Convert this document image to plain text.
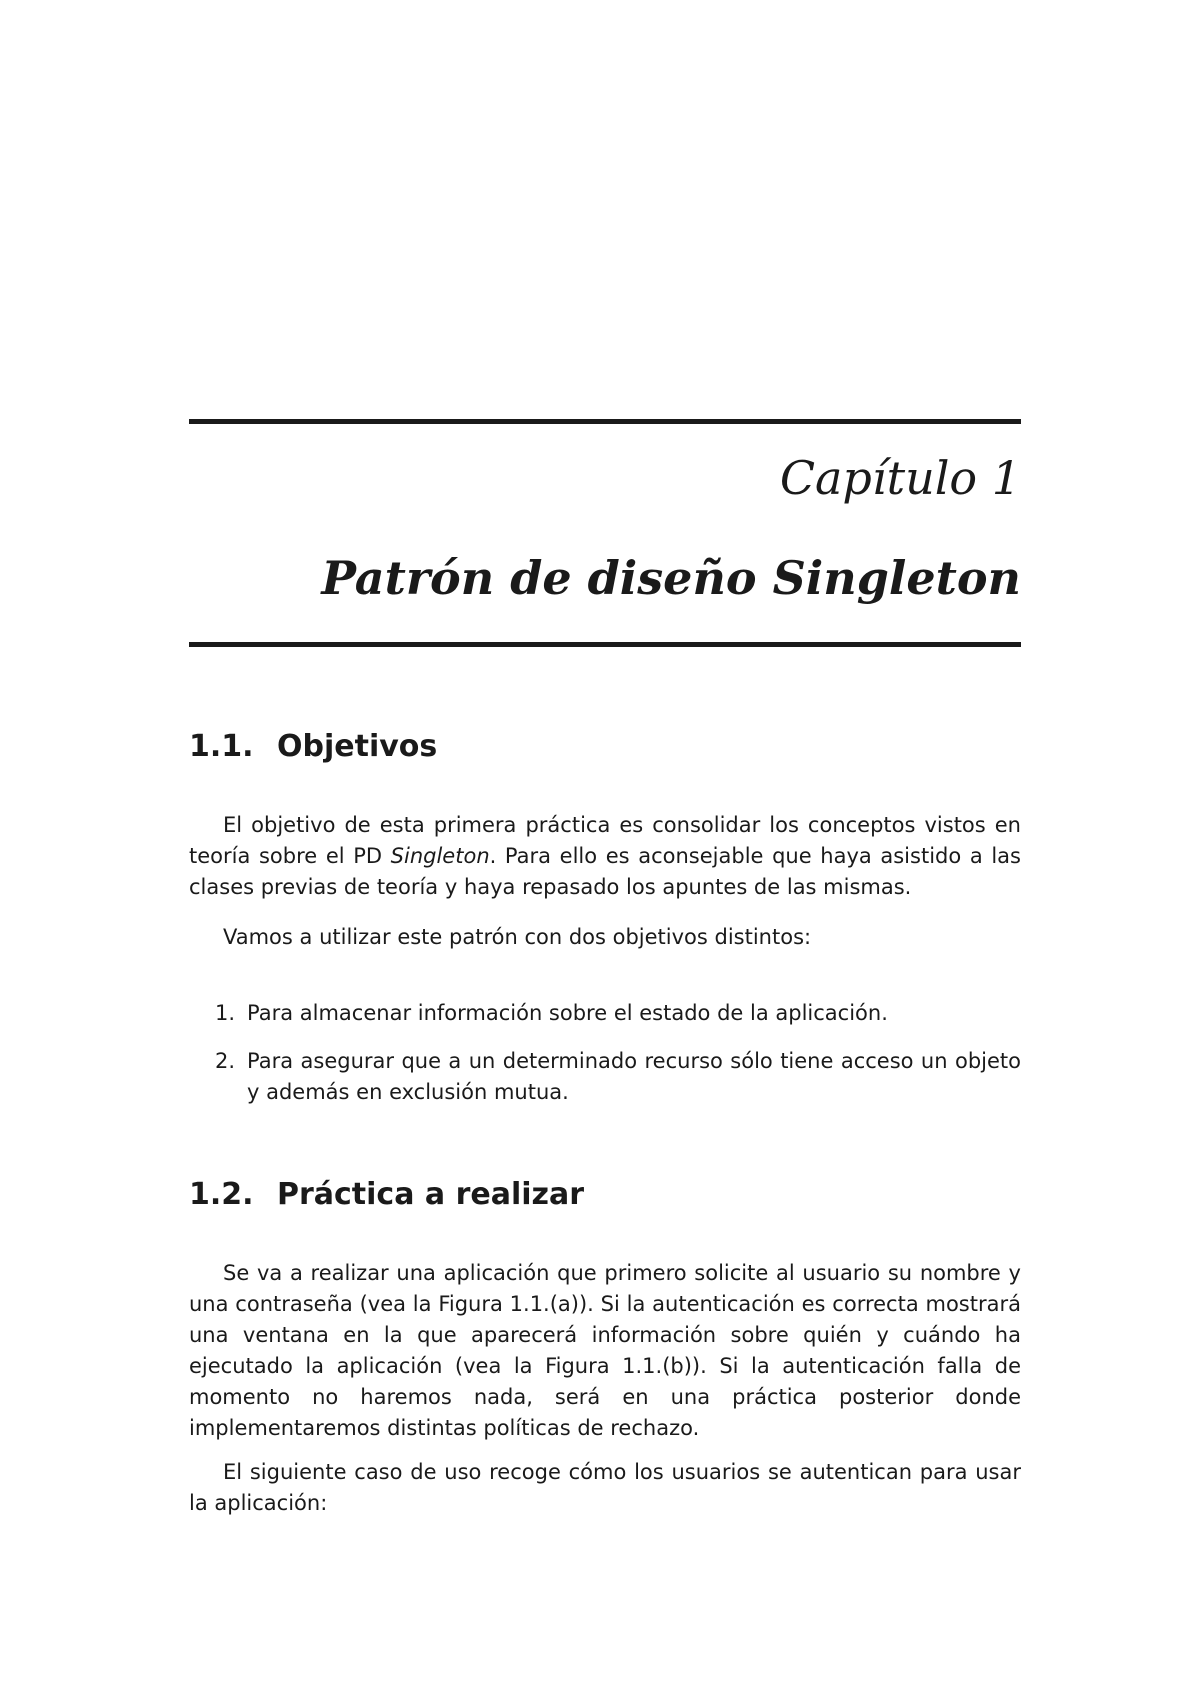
Capítulo 1
Patrón de diseño Singleton
1.1. Objetivos

El objetivo de esta primera práctica es consolidar los conceptos vistos en teoría sobre el PD Singleton. Para ello es aconsejable que haya asistido a las clases previas de teoría y haya repasado los apuntes de las mismas.

Vamos a utilizar este patrón con dos objetivos distintos:

1. Para almacenar información sobre el estado de la aplicación.
2. Para asegurar que a un determinado recurso sólo tiene acceso un objeto y además en exclusión mutua.
1.2. Práctica a realizar

Se va a realizar una aplicación que primero solicite al usuario su nombre y una contraseña (vea la Figura 1.1.(a)). Si la autenticación es correcta mostrará una ventana en la que aparecerá información sobre quién y cuándo ha ejecutado la aplicación (vea la Figura 1.1.(b)). Si la autenticación falla de momento no haremos nada, será en una práctica posterior donde implementaremos distintas políticas de rechazo.

El siguiente caso de uso recoge cómo los usuarios se autentican para usar la aplicación:
